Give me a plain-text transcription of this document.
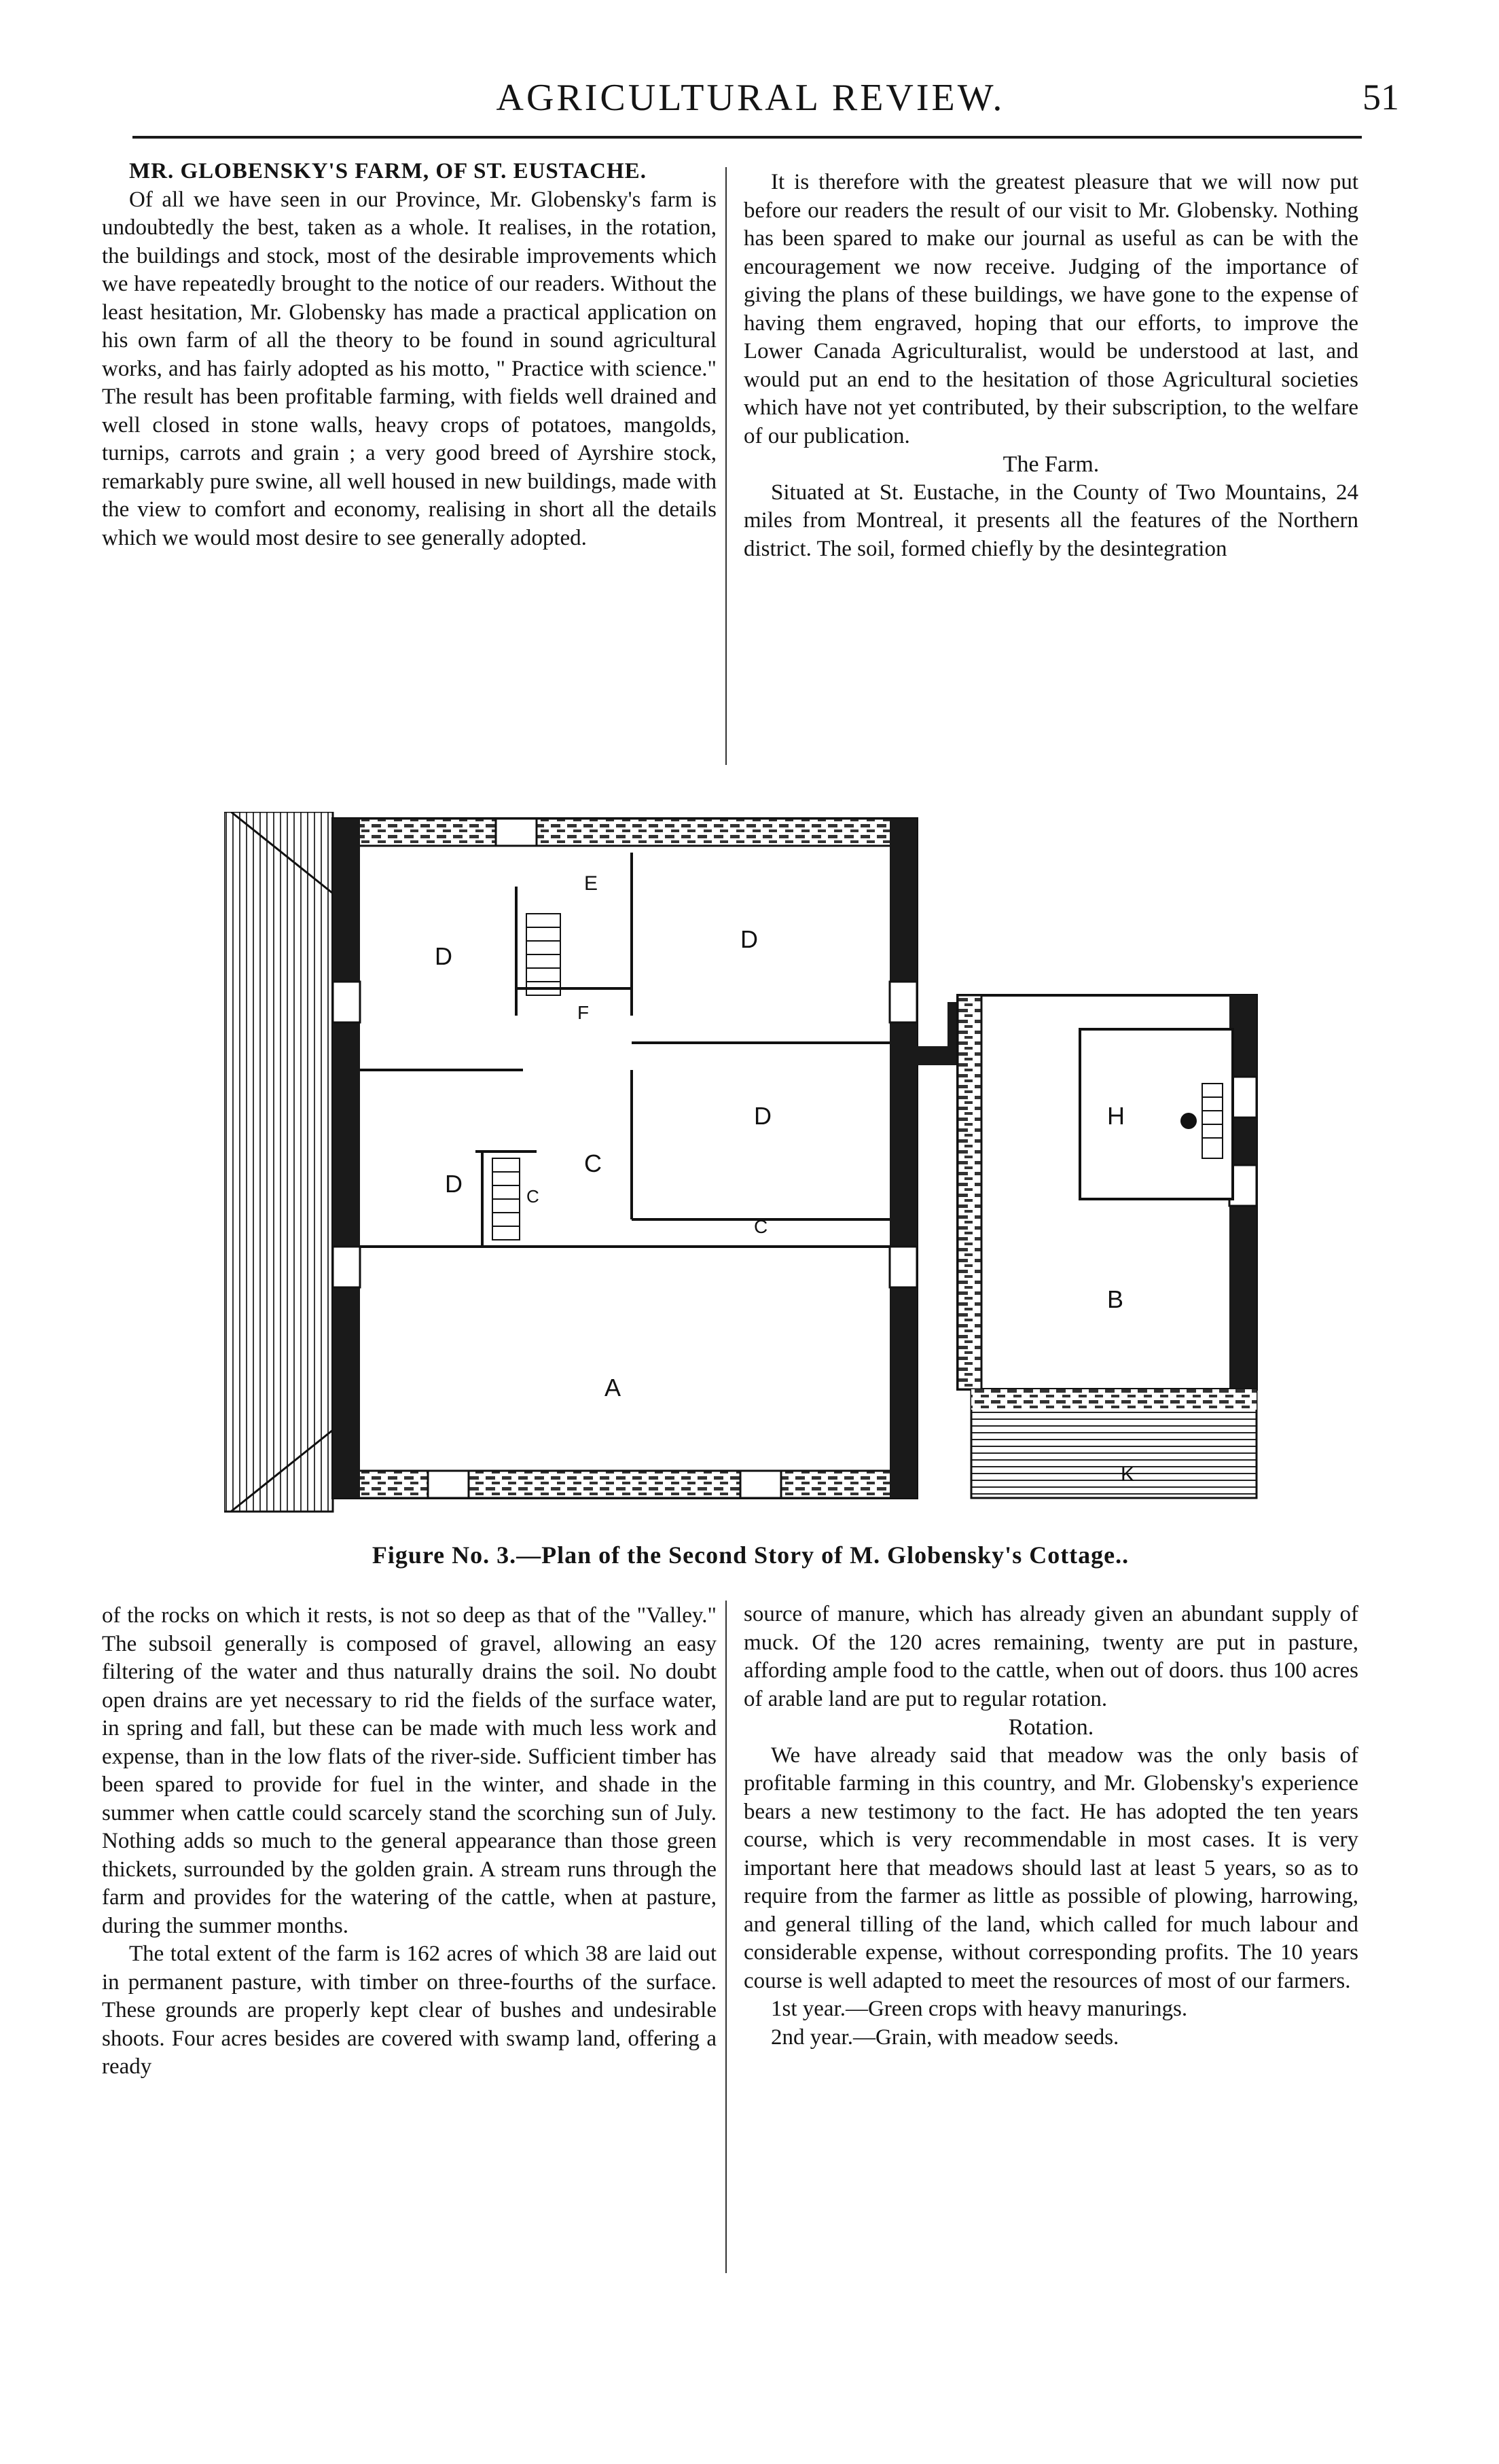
AGRICULTURAL REVIEW.	51

MR. GLOBENSKY'S FARM, OF ST. EUSTACHE.

Of all we have seen in our Province, Mr. Globensky's farm is undoubtedly the best, taken as a whole. It realises, in the rotation, the buildings and stock, most of the desirable improvements which we have repeatedly brought to the notice of our readers. Without the least hesitation, Mr. Globensky has made a practical application on his own farm of all the theory to be found in sound agricultural works, and has fairly adopted as his motto, " Practice with science." The result has been profitable farming, with fields well drained and well closed in stone walls, heavy crops of potatoes, mangolds, turnips, carrots and grain ; a very good breed of Ayrshire stock, remarkably pure swine, all well housed in new buildings, made with the view to comfort and economy, realising in short all the details which we would most desire to see generally adopted.

It is therefore with the greatest pleasure that we will now put before our readers the result of our visit to Mr. Globensky. Nothing has been spared to make our journal as useful as can be with the encouragement we now receive. Judging of the importance of giving the plans of these buildings, we have gone to the expense of having them engraved, hoping that our efforts, to improve the Lower Canada Agriculturalist, would be understood at last, and would put an end to the hesitation of those Agricultural societies which have not yet contributed, by their subscription, to the welfare of our publication.

The Farm.

Situated at St. Eustache, in the County of Two Mountains, 24 miles from Montreal, it presents all the features of the Northern district. The soil, formed chiefly by the desintegration

A
B
C
C
C
D
D
D
D
E
F
H
K
Figure No. 3.—Plan of the Second Story of M. Globensky's Cottage..

of the rocks on which it rests, is not so deep as that of the "Valley." The subsoil generally is composed of gravel, allowing an easy filtering of the water and thus naturally drains the soil. No doubt open drains are yet necessary to rid the fields of the surface water, in spring and fall, but these can be made with much less work and expense, than in the low flats of the river-side. Sufficient timber has been spared to provide for fuel in the winter, and shade in the summer when cattle could scarcely stand the scorching sun of July. Nothing adds so much to the general appearance than those green thickets, surrounded by the golden grain. A stream runs through the farm and provides for the watering of the cattle, when at pasture, during the summer months.

The total extent of the farm is 162 acres of which 38 are laid out in permanent pasture, with timber on three-fourths of the surface. These grounds are properly kept clear of bushes and undesirable shoots. Four acres besides are covered with swamp land, offering a ready

source of manure, which has already given an abundant supply of muck. Of the 120 acres remaining, twenty are put in pasture, affording ample food to the cattle, when out of doors. thus 100 acres of arable land are put to regular rotation.

Rotation.

We have already said that meadow was the only basis of profitable farming in this country, and Mr. Globensky's experience bears a new testimony to the fact. He has adopted the ten years course, which is very recommendable in most cases. It is very important here that meadows should last at least 5 years, so as to require from the farmer as little as possible of plowing, harrowing, and general tilling of the land, which called for much labour and considerable expense, without corresponding profits. The 10 years course is well adapted to meet the resources of most of our farmers.

1st year.—Green crops with heavy manurings.

2nd year.—Grain, with meadow seeds.
